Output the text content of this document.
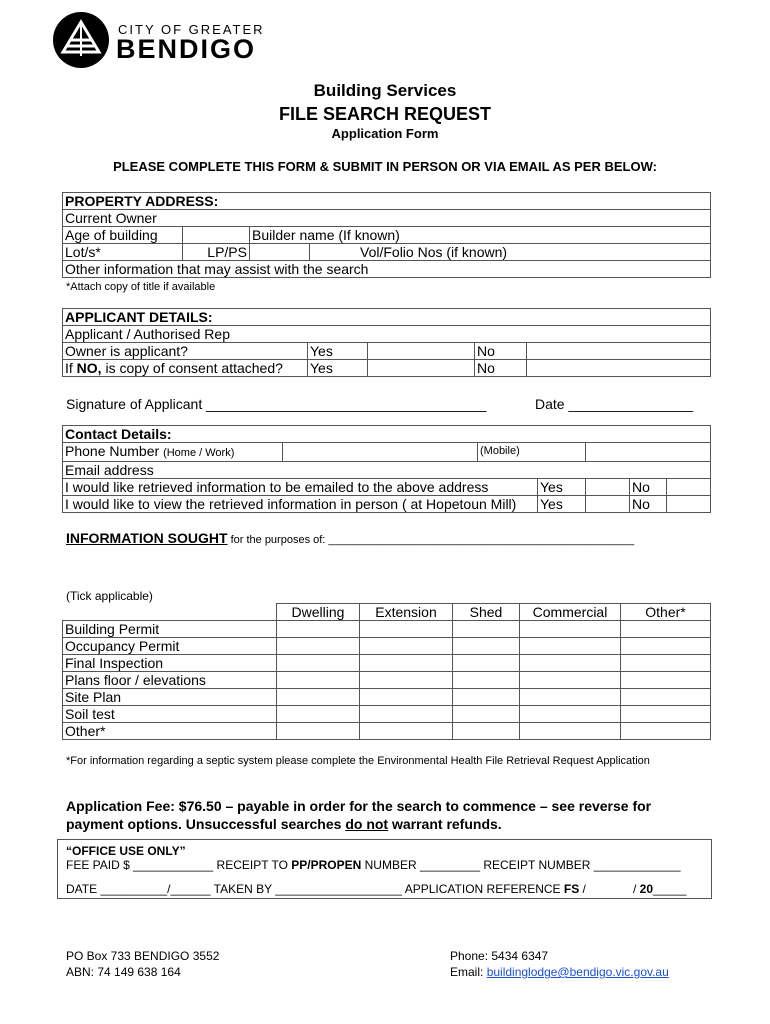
CITY OF GREATER
BENDIGO
Building Services
FILE SEARCH REQUEST
Application Form
PLEASE COMPLETE THIS FORM & SUBMIT IN PERSON OR VIA EMAIL AS PER BELOW:
PROPERTY ADDRESS:				
Current Owner				
Age of building		Builder name (If known)		
Lot/s*	LP/PS		Vol/Folio Nos (if known)	
Other information that may assist with the search				
*Attach copy of title if available
APPLICANT DETAILS:				
Applicant / Authorised Rep				
Owner is applicant?	Yes		No	
If NO, is copy of consent attached?	Yes		No	
Signature of Applicant ____________________________________	Date ________________
Contact Details:						
Phone Number (Home / Work)		(Mobile)				
Email address						
I would like retrieved information to be emailed to the above address			Yes		No	
I would like to view the retrieved information in person ( at Hopetoun Mill)			Yes		No	
INFORMATION SOUGHT for the purposes of: __________________________________________________
(Tick applicable)
	Dwelling	Extension	Shed	Commercial	Other*
Building Permit					
Occupancy Permit					
Final Inspection					
Plans floor / elevations					
Site Plan					
Soil test					
Other*					
*For information regarding a septic system please complete the Environmental Health File Retrieval Request Application
Application Fee: $76.50 – payable in order for the search to commence – see reverse for
payment options. Unsuccessful searches do not warrant refunds.
“OFFICE USE ONLY”
FEE PAID $ ____________ RECEIPT TO PP/PROPEN NUMBER _________ RECEIPT NUMBER _____________
DATE __________/______ TAKEN BY ___________________ APPLICATION REFERENCE FS /	/ 20_____
PO Box 733 BENDIGO 3552
ABN: 74 149 638 164
Phone: 5434 6347
Email: buildinglodge@bendigo.vic.gov.au
